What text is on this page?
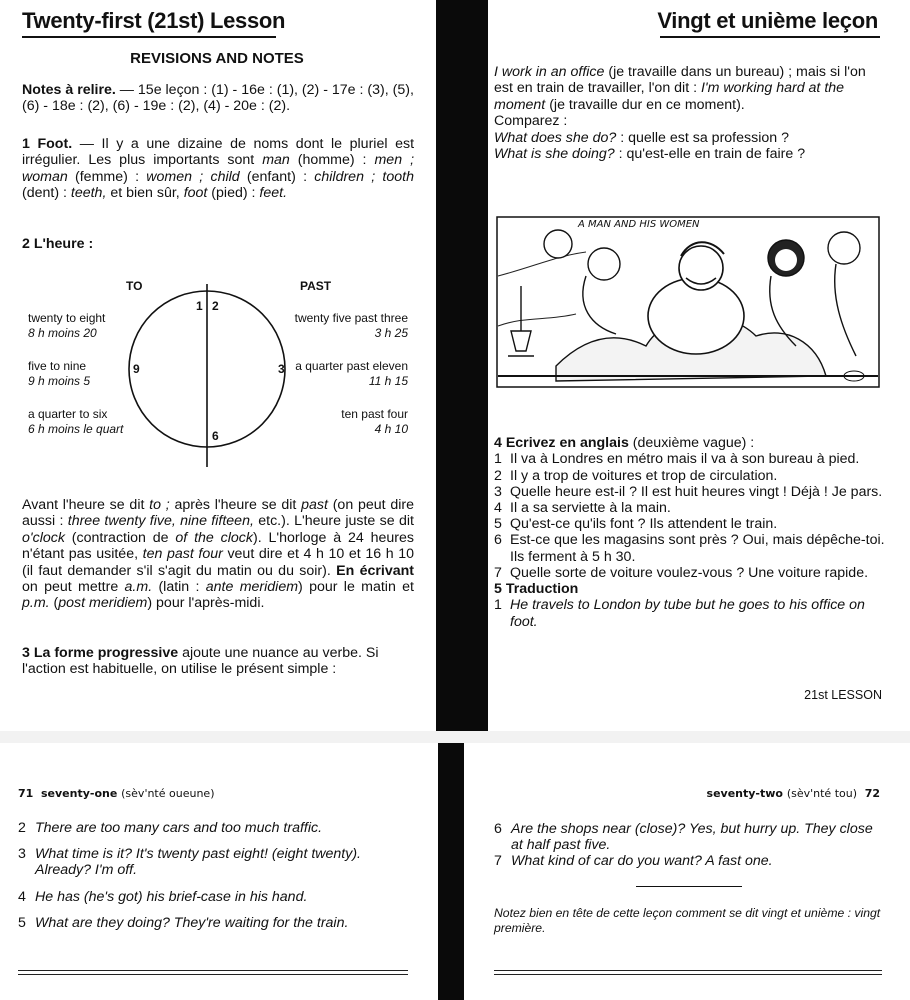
Twenty-first (21st) Lesson
REVISIONS AND NOTES
Notes à relire. — 15e leçon : (1) - 16e : (1), (2) - 17e : (3), (5), (6) - 18e : (2), (6) - 19e : (2), (4) - 20e : (2).
1 Foot. — Il y a une dizaine de noms dont le pluriel est irrégulier. Les plus importants sont man (homme) : men ; woman (femme) : women ; child (enfant) : children ; tooth (dent) : teeth, et bien sûr, foot (pied) : feet.
2 L'heure :
TO	PAST
1 2
3
6
9
twenty to eight
8 h moins 20
five to nine
9 h moins 5
a quarter to six
6 h moins le quart
twenty five past three
3 h 25
a quarter past eleven
11 h 15
ten past four
4 h 10
Avant l'heure se dit to ; après l'heure se dit past (on peut dire aussi : three twenty five, nine fifteen, etc.). L'heure juste se dit o'clock (contraction de of the clock). L'horloge à 24 heures n'étant pas usitée, ten past four veut dire et 4 h 10 et 16 h 10 (il faut demander s'il s'agit du matin ou du soir). En écrivant on peut mettre a.m. (latin : ante meridiem) pour le matin et p.m. (post meridiem) pour l'après-midi.
3 La forme progressive ajoute une nuance au verbe. Si l'action est habituelle, on utilise le présent simple :
Vingt et unième leçon
I work in an office (je travaille dans un bureau) ; mais si l'on est en train de travailler, l'on dit : I'm working hard at the moment (je travaille dur en ce moment).
Comparez :
What does she do? : quelle est sa profession ?
What is she doing? : qu'est-elle en train de faire ?
A MAN AND HIS WOMEN
4 Ecrivez en anglais (deuxième vague) :
1 Il va à Londres en métro mais il va à son bureau à pied.
2 Il y a trop de voitures et trop de circulation.
3 Quelle heure est-il ? Il est huit heures vingt ! Déjà ! Je pars.
4 Il a sa serviette à la main.
5 Qu'est-ce qu'ils font ? Ils attendent le train.
6 Est-ce que les magasins sont près ? Oui, mais dépêche-toi. Ils ferment à 5 h 30.
7 Quelle sorte de voiture voulez-vous ? Une voiture rapide.
5 Traduction
1 He travels to London by tube but he goes to his office on foot.
21st LESSON
71 seventy-one (sèv'nté oueune)
2 There are too many cars and too much traffic.
3 What time is it? It's twenty past eight! (eight twenty). Already? I'm off.
4 He has (he's got) his brief-case in his hand.
5 What are they doing? They're waiting for the train.
seventy-two (sèv'nté tou) 72
6 Are the shops near (close)? Yes, but hurry up. They close at half past five.
7 What kind of car do you want? A fast one.
Notez bien en tête de cette leçon comment se dit vingt et unième : vingt première.
